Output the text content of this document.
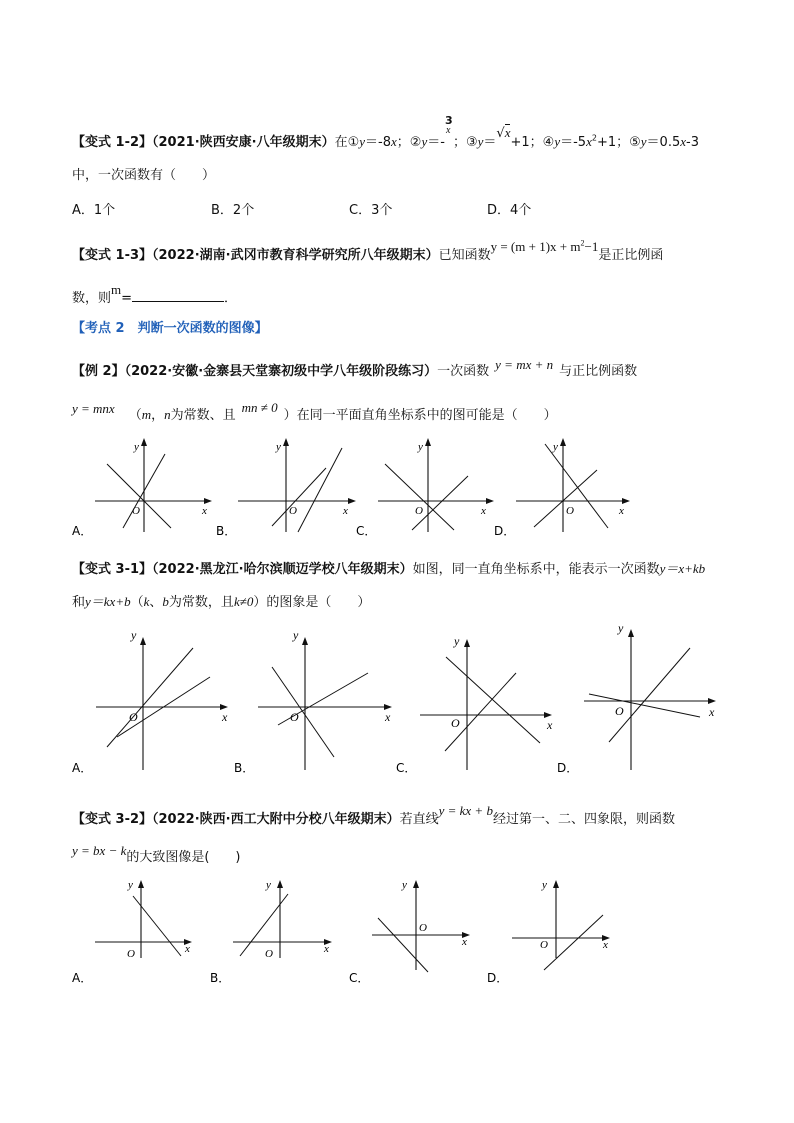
【变式 1-2】（2021·陕西安康·八年级期末）在①y＝-8x；②y＝-
3
x
；③y＝√x+1；$④y=-5x^2+1$；⑤y＝0.5x-3
中，一次函数有（　　）
A．1个	B．2个	C．3个	D．4个
【变式 1-3】（2022·湖南·武冈市教育科学研究所八年级期末）已知函数$y = (m + 1)x + m^2-1$是正比例函
数，则m=	．
【考点 2　判断一次函数的图像】
【例 2】（2022·安徽·金寨县天堂寨初级中学八年级阶段练习）一次函数 y = mx + n 与正比例函数
y = mnx （m，n为常数、且mn ≠ 0）在同一平面直角坐标系中的图可能是（　　）
x
y
O
A．
x
y
O
B．
x
y
O
C．
x
y
O
D．
【变式 3-1】（2022·黑龙江·哈尔滨顺迈学校八年级期末）如图，同一直角坐标系中，能表示一次函数y＝x+kb
和y＝kx+b（k、b为常数，且k≠0）的图象是（　　）
x
y
O
A．
x
y
O
B．
x
y
O
C．
x
y
O
D．
【变式 3-2】（2022·陕西·西工大附中分校八年级期末）若直线y = kx + b经过第一、二、四象限，则函数
y = bx − k的大致图像是(　　)
x
y
O
A．
x
y
O
B．
x
y
O
C．
x
y
O
D．
